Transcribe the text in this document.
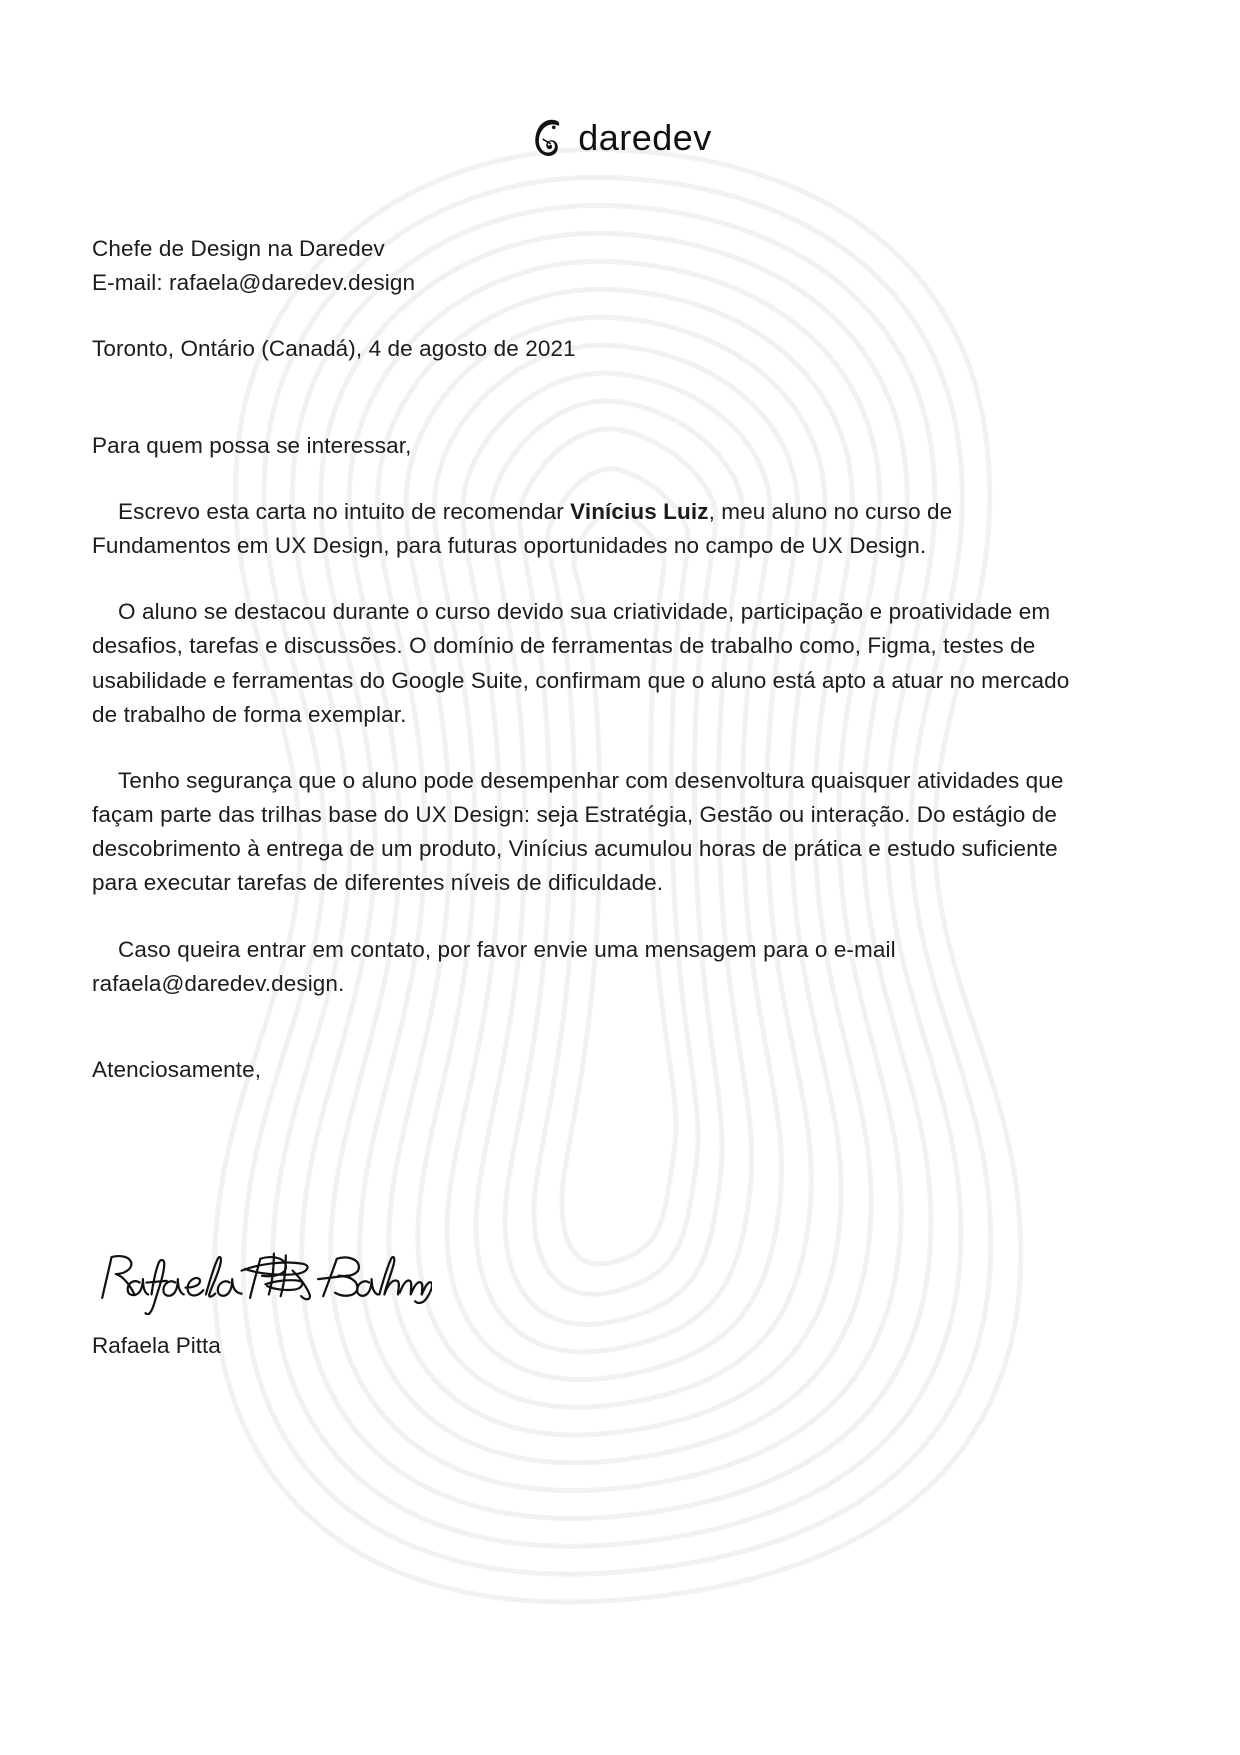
daredev
Chefe de Design na Daredev
E-mail: rafaela@daredev.design
Toronto, Ontário (Canadá), 4 de agosto de 2021

Para quem possa se interessar,

Escrevo esta carta no intuito de recomendar Vinícius Luiz, meu aluno no curso de Fundamentos em UX Design, para futuras oportunidades no campo de UX Design.

O aluno se destacou durante o curso devido sua criatividade, participação e proatividade em desafios, tarefas e discussões. O domínio de ferramentas de trabalho como, Figma, testes de usabilidade e ferramentas do Google Suite, confirmam que o aluno está apto a atuar no mercado de trabalho de forma exemplar.

Tenho segurança que o aluno pode desempenhar com desenvoltura quaisquer atividades que façam parte das trilhas base do UX Design: seja Estratégia, Gestão ou interação. Do estágio de descobrimento à entrega de um produto, Vinícius acumulou horas de prática e estudo suficiente para executar tarefas de diferentes níveis de dificuldade.

Caso queira entrar em contato, por favor envie uma mensagem para o e-mail rafaela@daredev.design.

Atenciosamente,

Rafaela Pitta
